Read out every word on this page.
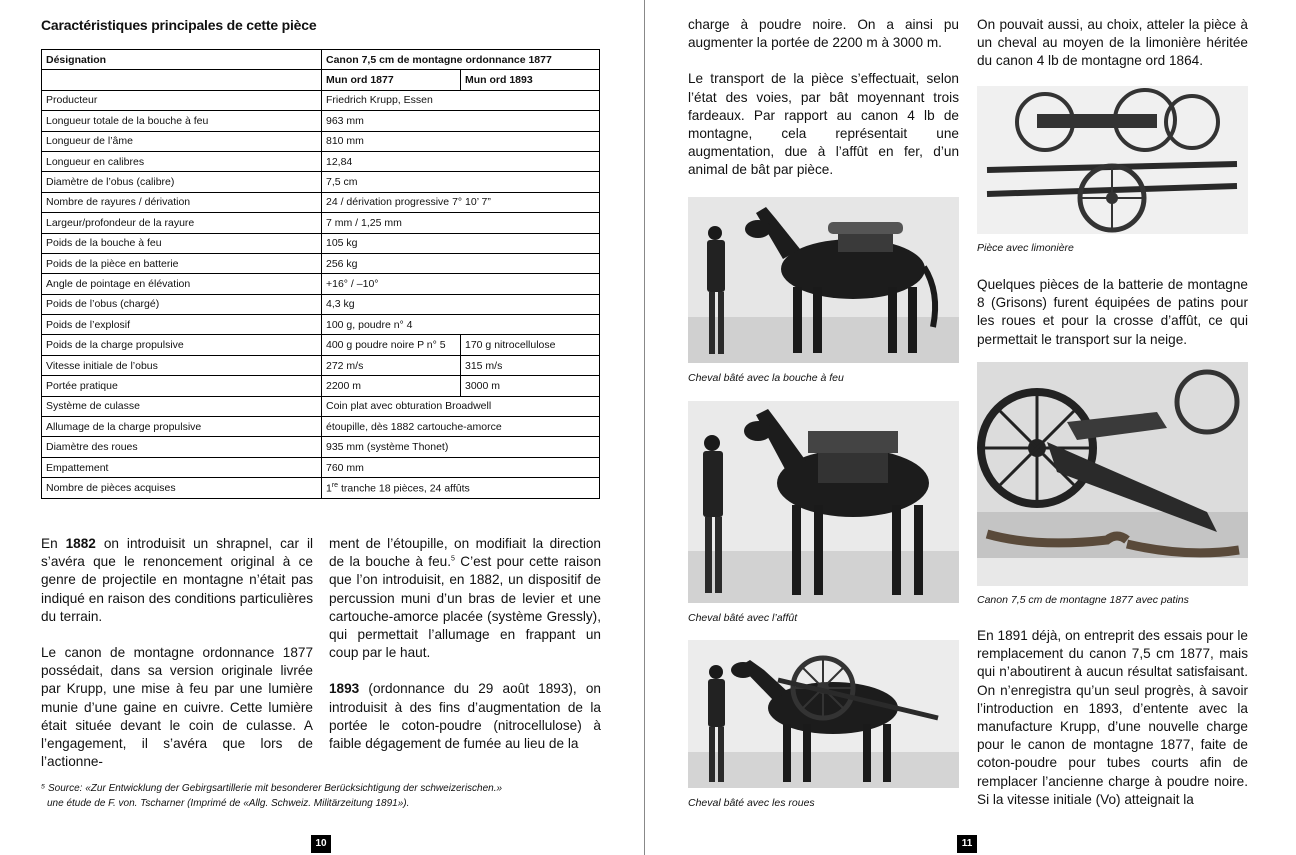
Caractéristiques principales de cette pièce
Désignation	Canon 7,5 cm de montagne ordonnance 1877	
	Mun ord 1877	Mun ord 1893
Producteur	Friedrich Krupp, Essen	
Longueur totale de la bouche à feu	963 mm	
Longueur de l’âme	810 mm	
Longueur en calibres	12,84	
Diamètre de l’obus (calibre)	7,5 cm	
Nombre de rayures / dérivation	24 / dérivation progressive 7° 10’ 7”	
Largeur/profondeur de la rayure	7 mm / 1,25 mm	
Poids de la bouche à feu	105 kg	
Poids de la pièce en batterie	256 kg	
Angle de pointage en élévation	+16° / –10°	
Poids de l’obus (chargé)	4,3 kg	
Poids de l’explosif	100 g, poudre n° 4	
Poids de la charge propulsive	400 g poudre noire P n° 5	170 g nitrocellulose
Vitesse initiale de l’obus	272 m/s	315 m/s
Portée pratique	2200 m	3000 m
Système de culasse	Coin plat avec obturation Broadwell	
Allumage de la charge propulsive	étoupille, dès 1882 cartouche-amorce	
Diamètre des roues	935 mm (système Thonet)	
Empattement	760 mm	
Nombre de pièces acquises	1re tranche 18 pièces, 24 affûts	

En 1882 on introduisit un shrapnel, car il s’avéra que le renoncement original à ce genre de projectile en montagne n’était pas indiqué en raison des conditions particulières du terrain.

Le canon de montagne ordonnance 1877 possédait, dans sa version originale livrée par Krupp, une mise à feu par une lumière munie d’une gaine en cuivre. Cette lumière était située devant le coin de culasse. A l’engagement, il s’avéra que lors de l’actionne-

ment de l’étoupille, on modifiait la direction de la bouche à feu.$^5$ C’est pour cette raison que l’on introduisit, en 1882, un dispositif de percussion muni d’un bras de levier et une cartouche-amorce placée (système Gressly), qui permettait l’allumage en frappant un coup par le haut.

1893 (ordonnance du 29 août 1893), on introduisit à des fins d’augmentation de la portée le coton-poudre (nitrocellulose) à faible dégagement de fumée au lieu de la

⁵ Source: «Zur Entwicklung der Gebirgsartillerie mit besonderer Berücksichtigung der schweizerischen.»
une étude de F. von. Tscharner (Imprimé de «Allg. Schweiz. Militärzeitung 1891»).
10

charge à poudre noire. On a ainsi pu augmenter la portée de 2200 m à 3000 m.

Le transport de la pièce s’effectuait, selon l’état des voies, par bât moyennant trois fardeaux. Par rapport au canon 4 lb de montagne, cela représentait une augmentation, due à l’affût en fer, d’un animal de bât par pièce.

Cheval bâté avec la bouche à feu
Cheval bâté avec l’affût
Cheval bâté avec les roues

On pouvait aussi, au choix, atteler la pièce à un cheval au moyen de la limonière héritée du canon 4 lb de montagne ord 1864.

Pièce avec limonière

Quelques pièces de la batterie de montagne 8 (Grisons) furent équipées de patins pour les roues et pour la crosse d’affût, ce qui permettait le transport sur la neige.

Canon 7,5 cm de montagne 1877 avec patins

En 1891 déjà, on entreprit des essais pour le remplacement du canon 7,5 cm 1877, mais qui n’aboutirent à aucun résultat satisfaisant. On n’enregistra qu’un seul progrès, à savoir l’introduction en 1893, d’entente avec la manufacture Krupp, d’une nouvelle charge pour le canon de montagne 1877, faite de coton-poudre pour tubes courts afin de remplacer l’ancienne charge à poudre noire. Si la vitesse initiale (Vo) atteignait la

11
